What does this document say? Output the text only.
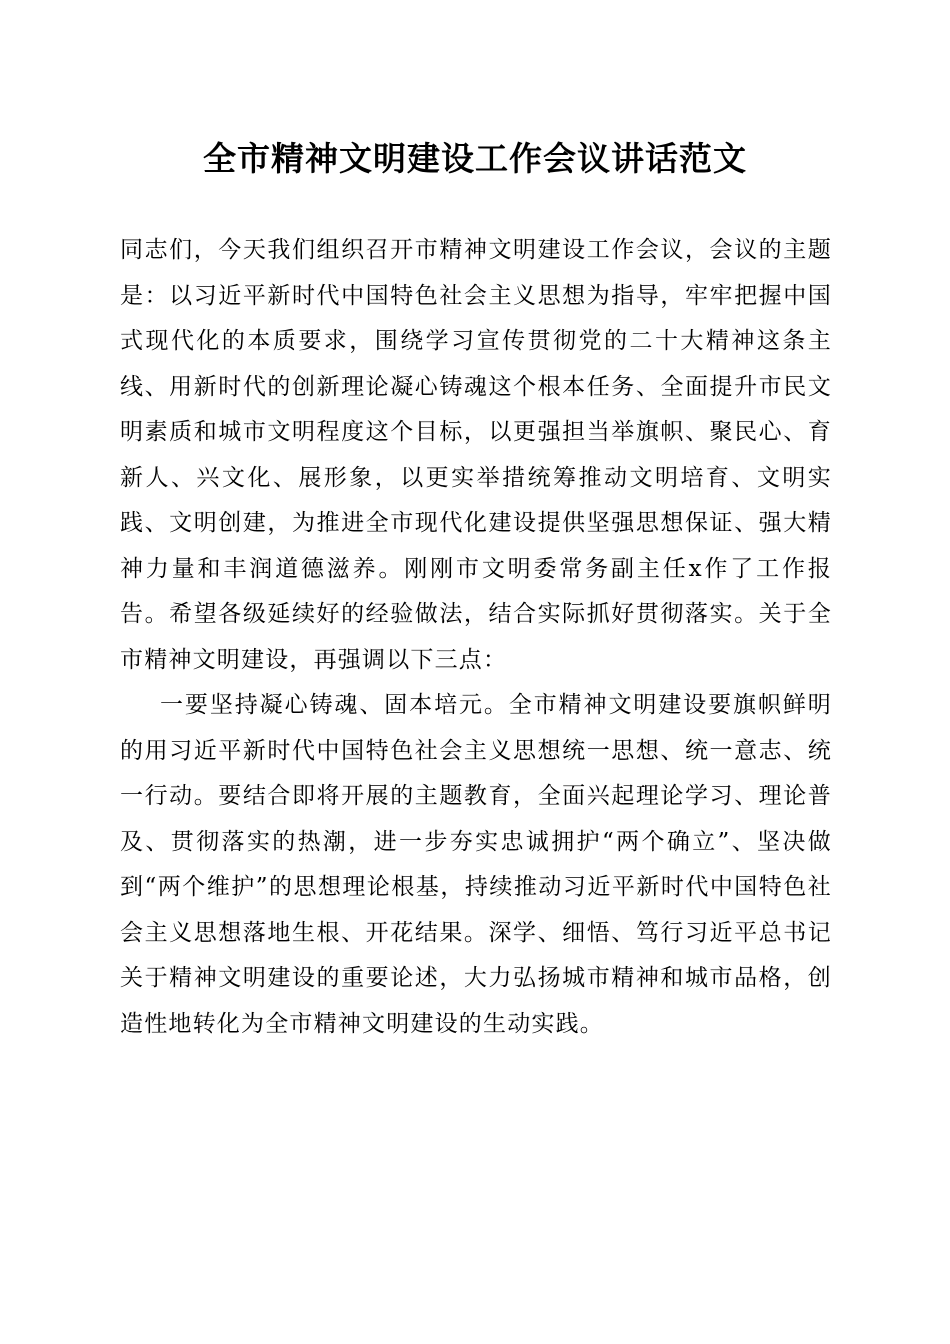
全市精神文明建设工作会议讲话范文

同志们，今天我们组织召开市精神文明建设工作会议，会议的主题是：以习近平新时代中国特色社会主义思想为指导，牢牢把握中国式现代化的本质要求，围绕学习宣传贯彻党的二十大精神这条主线、用新时代的创新理论凝心铸魂这个根本任务、全面提升市民文明素质和城市文明程度这个目标，以更强担当举旗帜、聚民心、育新人、兴文化、展形象，以更实举措统筹推动文明培育、文明实践、文明创建，为推进全市现代化建设提供坚强思想保证、强大精神力量和丰润道德滋养。刚刚市文明委常务副主任x作了工作报告。希望各级延续好的经验做法，结合实际抓好贯彻落实。关于全市精神文明建设，再强调以下三点：

一要坚持凝心铸魂、固本培元。全市精神文明建设要旗帜鲜明的用习近平新时代中国特色社会主义思想统一思想、统一意志、统一行动。要结合即将开展的主题教育，全面兴起理论学习、理论普及、贯彻落实的热潮，进一步夯实忠诚拥护“两个确立”、坚决做到“两个维护”的思想理论根基，持续推动习近平新时代中国特色社会主义思想落地生根、开花结果。深学、细悟、笃行习近平总书记关于精神文明建设的重要论述，大力弘扬城市精神和城市品格，创造性地转化为全市精神文明建设的生动实践。
